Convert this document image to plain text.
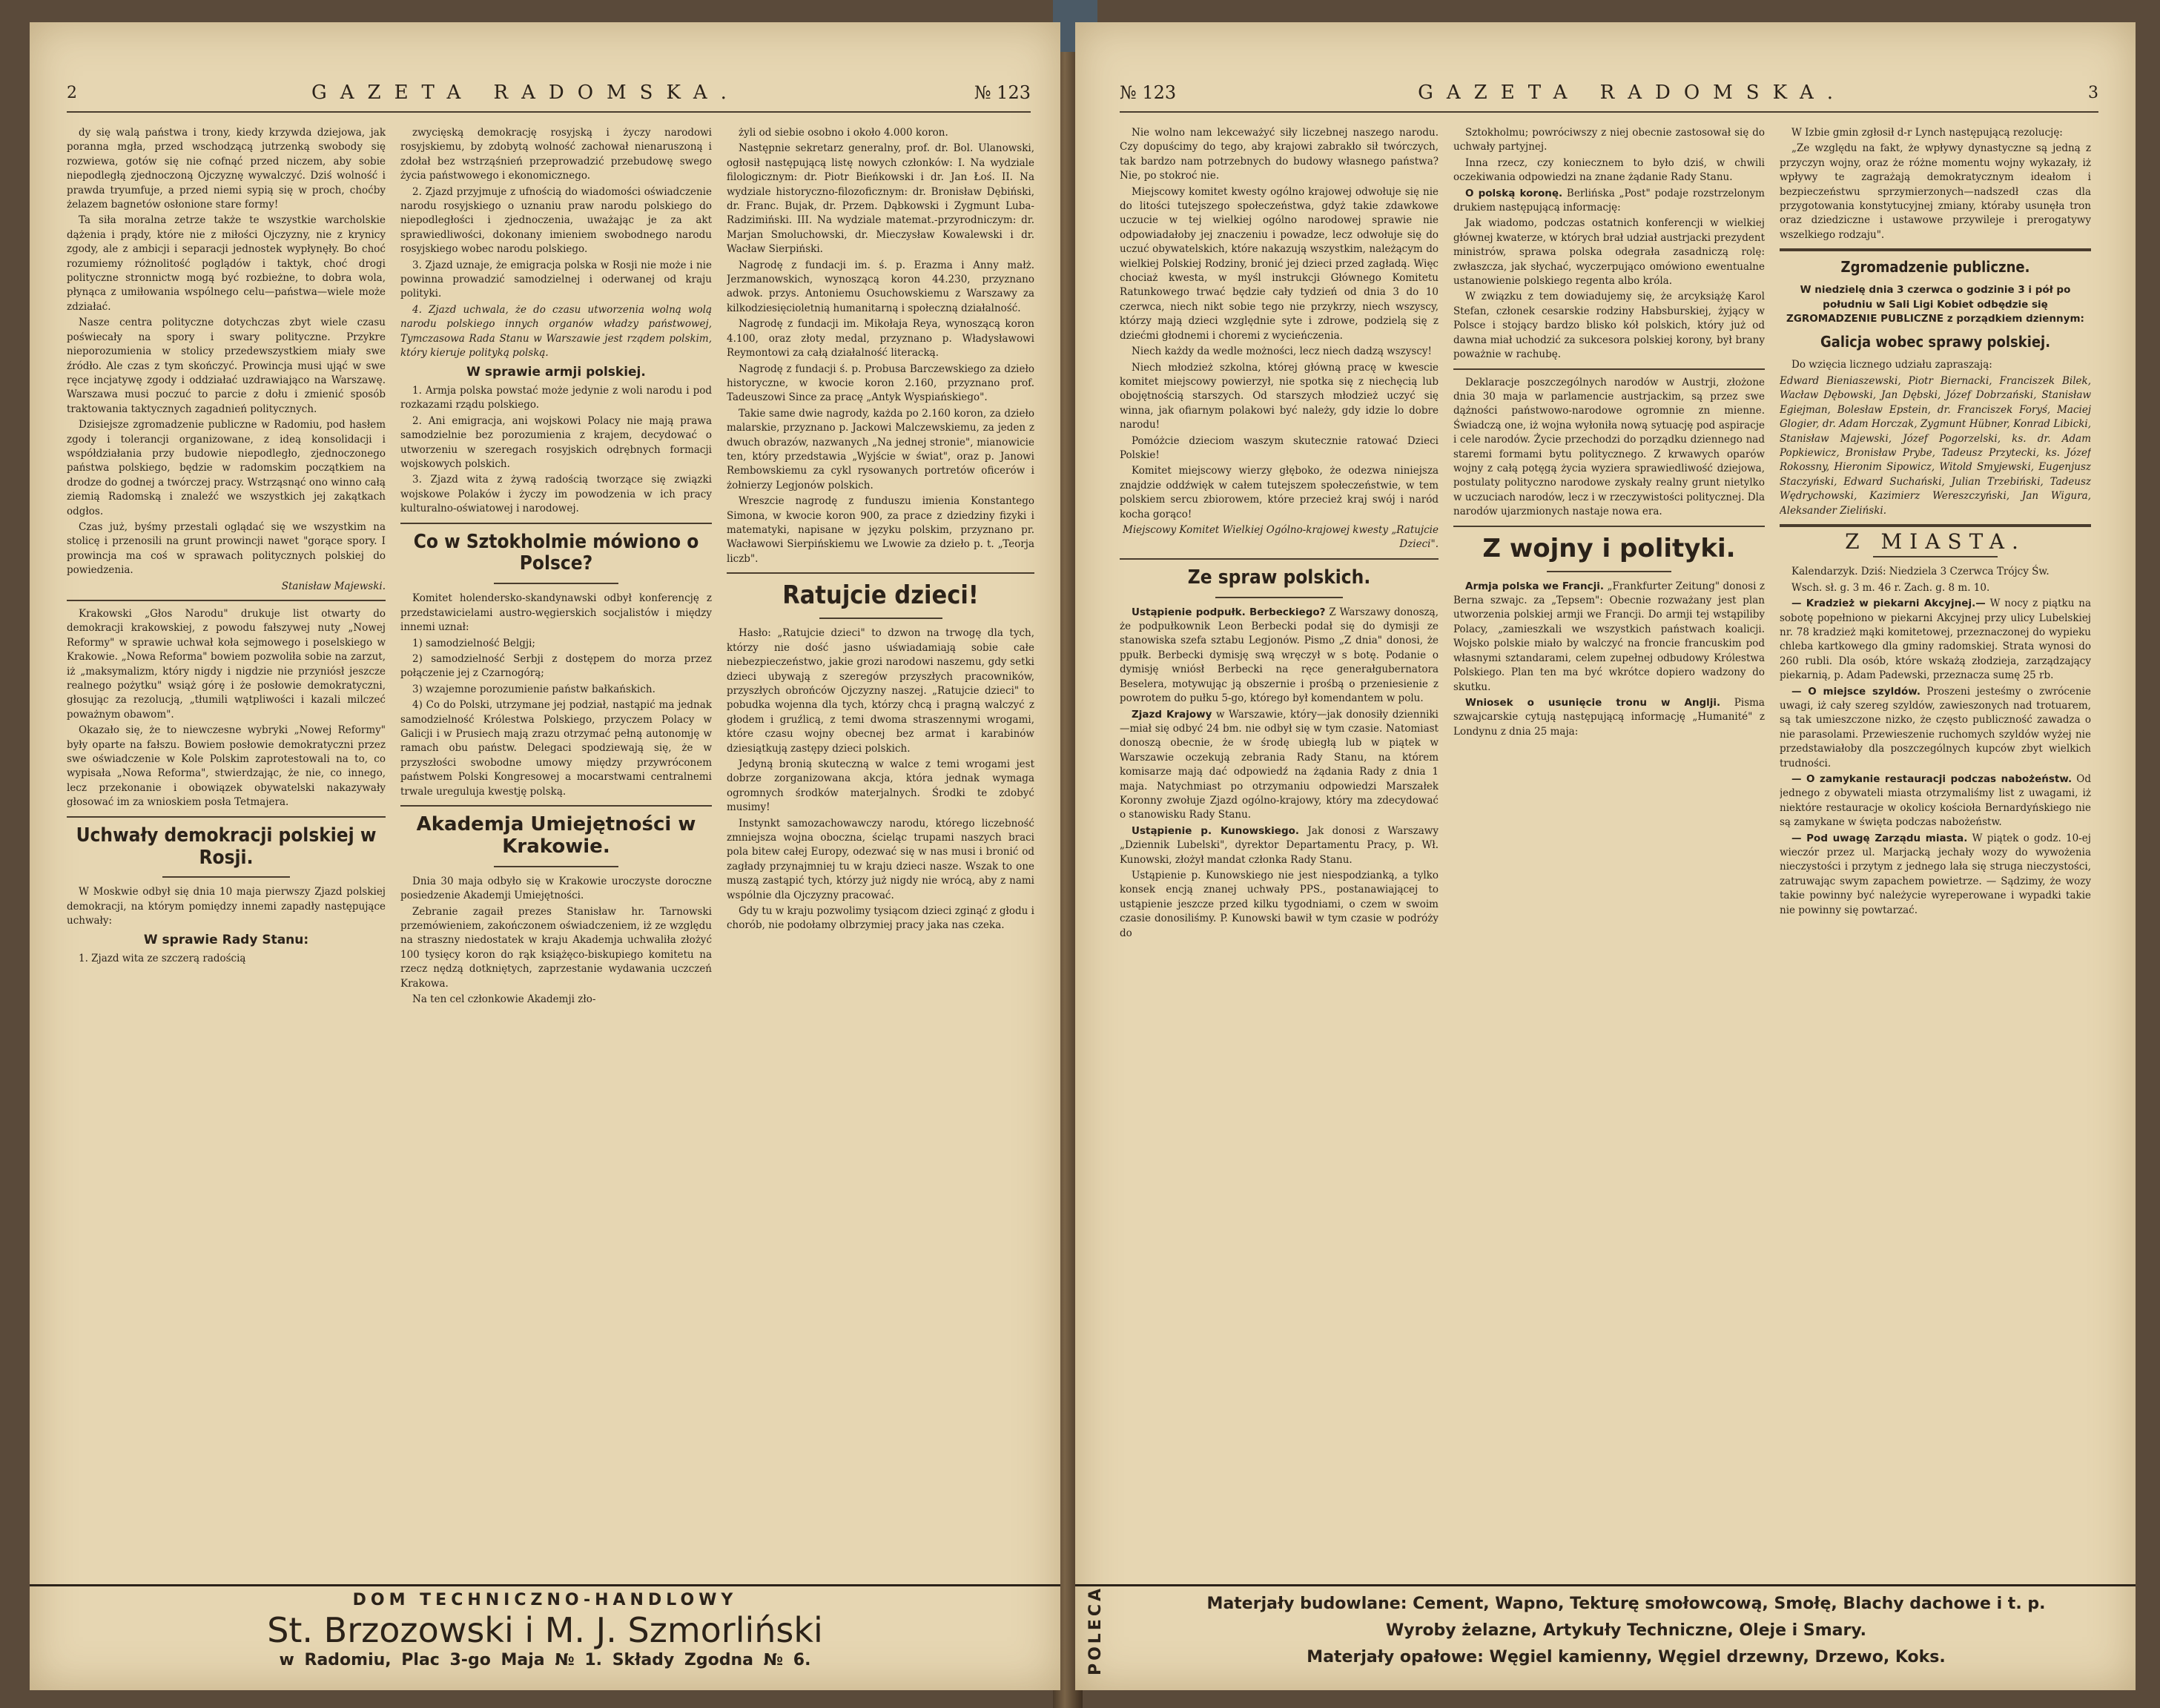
2	GAZETA RADOMSKA.	№ 123

dy się walą państwa i trony, kiedy krzywda dziejowa, jak poranna mgła, przed wschodzącą jutrzenką swobody się rozwiewa, gotów się nie cofnąć przed niczem, aby sobie niepodległą zjednoczoną Ojczyznę wywalczyć. Dziś wolność i prawda tryumfuje, a przed niemi sypią się w proch, choćby żelazem bagnetów osłonione stare formy!

Ta siła moralna zetrze także te wszystkie warcholskie dążenia i prądy, które nie z miłości Ojczyzny, nie z krynicy zgody, ale z ambicji i separacji jednostek wypłynęły. Bo choć rozumiemy różnolitość poglądów i taktyk, choć drogi polityczne stronnictw mogą być rozbieżne, to dobra wola, płynąca z umiłowania wspólnego celu—państwa—wiele może zdziałać.

Nasze centra polityczne dotychczas zbyt wiele czasu poświecały na spory i swary polityczne. Przykre nieporozumienia w stolicy przedewszystkiem miały swe źródło. Ale czas z tym skończyć. Prowincja musi ująć w swe ręce incjatywę zgody i oddziałać uzdrawiająco na Warszawę. Warszawa musi poczuć to parcie z dołu i zmienić sposób traktowania taktycznych zagadnień politycznych.

Dzisiejsze zgromadzenie publiczne w Radomiu, pod hasłem zgody i tolerancji organizowane, z ideą konsolidacji i współdziałania przy budowie niepodległo, zjednoczonego państwa polskiego, będzie w radomskim początkiem na drodze do godnej a twórczej pracy. Wstrząsnąć ono winno całą ziemią Radomską i znaleźć we wszystkich jej zakątkach odgłos.

Czas już, byśmy przestali oglądać się we wszystkim na stolicę i przenosili na grunt prowincji nawet "gorące spory. I prowincja ma coś w sprawach politycznych polskiej do powiedzenia.

Stanisław Majewski.

Krakowski „Głos Narodu" drukuje list otwarty do demokracji krakowskiej, z powodu fałszywej nuty „Nowej Reformy" w sprawie uchwał koła sejmowego i poselskiego w Krakowie. „Nowa Reforma" bowiem pozwoliła sobie na zarzut, iż „maksymalizm, który nigdy i nigdzie nie przyniósł jeszcze realnego pożytku" wsiąż górę i że posłowie demokratyczni, głosując za rezolucją, „tłumili wątpliwości i kazali milczeć poważnym obawom".

Okazało się, że to niewczesne wybryki „Nowej Reformy" były oparte na fałszu. Bowiem posłowie demokratyczni przez swe oświadczenie w Kole Polskim zaprotestowali na to, co wypisała „Nowa Reforma", stwierdzając, że nie, co innego, lecz przekonanie i obowiązek obywatelski nakazywały głosować im za wnioskiem posła Tetmajera.

Uchwały demokracji polskiej w Rosji.

W Moskwie odbył się dnia 10 maja pierwszy Zjazd polskiej demokracji, na którym pomiędzy innemi zapadły następujące uchwały:

W sprawie Rady Stanu:

1. Zjazd wita ze szczerą radością

zwycięską demokrację rosyjską i życzy narodowi rosyjskiemu, by zdobytą wolność zachował nienaruszoną i zdołał bez wstrząśnień przeprowadzić przebudowę swego życia państwowego i ekonomicznego.

2. Zjazd przyjmuje z ufnością do wiadomości oświadczenie narodu rosyjskiego o uznaniu praw narodu polskiego do niepodległości i zjednoczenia, uważając je za akt sprawiedliwości, dokonany imieniem swobodnego narodu rosyjskiego wobec narodu polskiego.

3. Zjazd uznaje, że emigracja polska w Rosji nie może i nie powinna prowadzić samodzielnej i oderwanej od kraju polityki.

4. Zjazd uchwala, że do czasu utworzenia wolną wolą narodu polskiego innych organów władzy państwowej, Tymczasowa Rada Stanu w Warszawie jest rządem polskim, który kieruje polityką polską.

W sprawie armji polskiej.

1. Armja polska powstać może jedynie z woli narodu i pod rozkazami rządu polskiego.

2. Ani emigracja, ani wojskowi Polacy nie mają prawa samodzielnie bez porozumienia z krajem, decydować o utworzeniu w szeregach rosyjskich odrębnych formacji wojskowych polskich.

3. Zjazd wita z żywą radością tworzące się związki wojskowe Polaków i życzy im powodzenia w ich pracy kulturalno-oświatowej i narodowej.

Co w Sztokholmie mówiono o Polsce?

Komitet holendersko-skandynawski odbył konferencję z przedstawicielami austro-węgierskich socjalistów i między innemi uznał:

1) samodzielność Belgji;

2) samodzielność Serbji z dostępem do morza przez połączenie jej z Czarnogórą;

3) wzajemne porozumienie państw bałkańskich.

4) Co do Polski, utrzymane jej podział, nastąpić ma jednak samodzielność Królestwa Polskiego, przyczem Polacy w Galicji i w Prusiech mają zrazu otrzymać pełną autonomję w ramach obu państw. Delegaci spodziewają się, że w przyszłości swobodne umowy między przywróconem państwem Polski Kongresowej a mocarstwami centralnemi trwale ureguluja kwestję polską.

Akademja Umiejętności w Krakowie.

Dnia 30 maja odbyło się w Krakowie uroczyste doroczne posiedzenie Akademji Umiejętności.

Zebranie zagaił prezes Stanisław hr. Tarnowski przemówieniem, zakończonem oświadczeniem, iż ze względu na straszny niedostatek w kraju Akademja uchwaliła złożyć 100 tysięcy koron do rąk książęco-biskupiego komitetu na rzecz nędzą dotkniętych, zaprzestanie wydawania uczczeń Krakowa.

Na ten cel członkowie Akademji zło-

żyli od siebie osobno i około 4.000 koron.

Następnie sekretarz generalny, prof. dr. Bol. Ulanowski, ogłosił następującą listę nowych członków: I. Na wydziale filologicznym: dr. Piotr Bieńkowski i dr. Jan Łoś. II. Na wydziale historyczno-filozoficznym: dr. Bronisław Dębiński, dr. Franc. Bujak, dr. Przem. Dąbkowski i Zygmunt Luba-Radzimiński. III. Na wydziale matemat.-przyrodniczym: dr. Marjan Smoluchowski, dr. Mieczysław Kowalewski i dr. Wacław Sierpiński.

Nagrodę z fundacji im. ś. p. Erazma i Anny małż. Jerzmanowskich, wynoszącą koron 44.230, przyznano adwok. przys. Antoniemu Osuchowskiemu z Warszawy za kilkodziesięcioletnią humanitarną i społeczną działalność.

Nagrodę z fundacji im. Mikołaja Reya, wynoszącą koron 4.100, oraz złoty medal, przyznano p. Władysławowi Reymontowi za całą działalność literacką.

Nagrodę z fundacji ś. p. Probusa Barczewskiego za dzieło historyczne, w kwocie koron 2.160, przyznano prof. Tadeuszowi Since za pracę „Antyk Wyspiańskiego".

Takie same dwie nagrody, każda po 2.160 koron, za dzieło malarskie, przyznano p. Jackowi Malczewskiemu, za jeden z dwuch obrazów, nazwanych „Na jednej stronie", mianowicie ten, który przedstawia „Wyjście w świat", oraz p. Janowi Rembowskiemu za cykl rysowanych portretów oficerów i żołnierzy Legjonów polskich.

Wreszcie nagrodę z funduszu imienia Konstantego Simona, w kwocie koron 900, za prace z dziedziny fizyki i matematyki, napisane w języku polskim, przyznano pr. Wacławowi Sierpińskiemu we Lwowie za dzieło p. t. „Teorja liczb".

Ratujcie dzieci!

Hasło: „Ratujcie dzieci" to dzwon na trwogę dla tych, którzy nie dość jasno uświadamiają sobie całe niebezpieczeństwo, jakie grozi narodowi naszemu, gdy setki dzieci ubywają z szeregów przyszłych pracowników, przyszłych obrońców Ojczyzny naszej. „Ratujcie dzieci" to pobudka wojenna dla tych, którzy chcą i pragną walczyć z głodem i gruźlicą, z temi dwoma straszennymi wrogami, które czasu wojny obecnej bez armat i karabinów dziesiątkują zastępy dzieci polskich.

Jedyną bronią skuteczną w walce z temi wrogami jest dobrze zorganizowana akcja, która jednak wymaga ogromnych środków materjalnych. Środki te zdobyć musimy!

Instynkt samozachowawczy narodu, którego liczebność zmniejsza wojna oboczna, ścieląc trupami naszych braci pola bitew całej Europy, odezwać się w nas musi i bronić od zagłady przynajmniej tu w kraju dzieci nasze. Wszak to one muszą zastąpić tych, którzy już nigdy nie wrócą, aby z nami wspólnie dla Ojczyzny pracować.

Gdy tu w kraju pozwolimy tysiącom dzieci zginąć z głodu i chorób, nie podołamy olbrzymiej pracy jaka nas czeka.

DOM TECHNICZNO-HANDLOWY
St. Brzozowski i M. J. Szmorliński
w Radomiu, Plac 3-go Maja № 1. Składy Zgodna № 6.
№ 123	GAZETA RADOMSKA.	3

Nie wolno nam lekceważyć siły liczebnej naszego narodu. Czy dopuścimy do tego, aby krajowi zabrakło sił twórczych, tak bardzo nam potrzebnych do budowy własnego państwa? Nie, po stokroć nie.

Miejscowy komitet kwesty ogólno krajowej odwołuje się nie do litości tutejszego społeczeństwa, gdyż takie zdawkowe uczucie w tej wielkiej ogólno narodowej sprawie nie odpowiadałoby jej znaczeniu i powadze, lecz odwołuje się do uczuć obywatelskich, które nakazują wszystkim, należącym do wielkiej Polskiej Rodziny, bronić jej dzieci przed zagładą. Więc chociaż kwesta, w myśl instrukcji Głównego Komitetu Ratunkowego trwać będzie cały tydzień od dnia 3 do 10 czerwca, niech nikt sobie tego nie przykrzy, niech wszyscy, którzy mają dzieci względnie syte i zdrowe, podzielą się z dziećmi głodnemi i choremi z wycieńczenia.

Niech każdy da wedle możności, lecz niech dadzą wszyscy!

Niech młodzież szkolna, której główną pracę w kwescie komitet miejscowy powierzył, nie spotka się z niechęcią lub obojętnością starszych. Od starszych młodzież uczyć się winna, jak ofiarnym polakowi być należy, gdy idzie lo dobre narodu!

Pomóżcie dzieciom waszym skutecznie ratować Dzieci Polskie!

Komitet miejscowy wierzy głęboko, że odezwa niniejsza znajdzie oddźwięk w całem tutejszem społeczeństwie, w tem polskiem sercu zbiorowem, które przecież kraj swój i naród kocha gorąco!

Miejscowy Komitet Wielkiej Ogólno-krajowej kwesty „Ratujcie Dzieci".

Ze spraw polskich.

Ustąpienie podpułk. Berbeckiego? Z Warszawy donoszą, że podpułkownik Leon Berbecki podał się do dymisji ze stanowiska szefa sztabu Legjonów. Pismo „Z dnia" donosi, że ppułk. Berbecki dymisję swą wręczył w s botę. Podanie o dymisję wniósł Berbecki na ręce generałgubernatora Beselera, motywując ją obszernie i prośbą o przeniesienie z powrotem do pułku 5-go, którego był komendantem w polu.

Zjazd Krajowy w Warszawie, który—jak donosiły dzienniki—miał się odbyć 24 bm. nie odbył się w tym czasie. Natomiast donoszą obecnie, że w środę ubiegłą lub w piątek w Warszawie oczekują zebrania Rady Stanu, na którem komisarze mają dać odpowiedź na żądania Rady z dnia 1 maja. Natychmiast po otrzymaniu odpowiedzi Marszałek Koronny zwołuje Zjazd ogólno-krajowy, który ma zdecydować o stanowisku Rady Stanu.

Ustąpienie p. Kunowskiego. Jak donosi z Warszawy „Dziennik Lubelski", dyrektor Departamentu Pracy, p. Wł. Kunowski, złożył mandat członka Rady Stanu.

Ustąpienie p. Kunowskiego nie jest niespodzianką, a tylko konsek encją znanej uchwały PPS., postanawiającej to ustąpienie jeszcze przed kilku tygodniami, o czem w swoim czasie donosiliśmy. P. Kunowski bawił w tym czasie w podróży do

Sztokholmu; powróciwszy z niej obecnie zastosował się do uchwały partyjnej.

Inna rzecz, czy koniecznem to było dziś, w chwili oczekiwania odpowiedzi na znane żądanie Rady Stanu.

O polską koronę. Berlińska „Post" podaje rozstrzelonym drukiem następującą informację:

Jak wiadomo, podczas ostatnich konferencji w wielkiej głównej kwaterze, w których brał udział austrjacki prezydent ministrów, sprawa polska odegrała zasadniczą rolę: zwłaszcza, jak słychać, wyczerpująco omówiono ewentualne ustanowienie polskiego regenta albo króla.

W związku z tem dowiadujemy się, że arcyksiążę Karol Stefan, członek cesarskie rodziny Habsburskiej, żyjący w Polsce i stojący bardzo blisko kół polskich, który już od dawna miał uchodzić za sukcesora polskiej korony, był brany poważnie w rachubę.

Deklaracje poszczególnych narodów w Austrji, złożone dnia 30 maja w parlamencie austrjackim, są przez swe dążności państwowo-narodowe ogromnie zn mienne. Świadczą one, iż wojna wyłoniła nową sytuację pod aspiracje i cele narodów. Życie przechodzi do porządku dziennego nad staremi formami bytu politycznego. Z krwawych oparów wojny z całą potęgą życia wyziera sprawiedliwość dziejowa, postulaty polityczno narodowe zyskały realny grunt nietylko w uczuciach narodów, lecz i w rzeczywistości politycznej. Dla narodów ujarzmionych nastaje nowa era.

Z wojny i polityki.

Armja polska we Francji. „Frankfurter Zeitung" donosi z Berna szwajc. za „Tepsem": Obecnie rozważany jest plan utworzenia polskiej armji we Francji. Do armji tej wstąpiliby Polacy, „zamieszkali we wszystkich państwach koalicji. Wojsko polskie miało by walczyć na froncie francuskim pod własnymi sztandarami, celem zupełnej odbudowy Królestwa Polskiego. Plan ten ma być wkrótce dopiero wadzony do skutku.

Wniosek o usunięcie tronu w Anglji. Pisma szwajcarskie cytują następującą informację „Humanité" z Londynu z dnia 25 maja:

W Izbie gmin zgłosił d-r Lynch następującą rezolucję:

„Ze względu na fakt, że wpływy dynastyczne są jedną z przyczyn wojny, oraz że różne momentu wojny wykazały, iż wpływy te zagrażają demokratycznym ideałom i bezpieczeństwu sprzymierzonych—nadszedł czas dla przygotowania konstytucyjnej zmiany, któraby usunęła tron oraz dziedziczne i ustawowe przywileje i prerogatywy wszelkiego rodzaju".

Zgromadzenie publiczne.

W niedzielę dnia 3 czerwca o godzinie 3 i pół po południu w Sali Ligi Kobiet odbędzie się ZGROMADZENIE PUBLICZNE z porządkiem dziennym:

Galicja wobec sprawy polskiej.

Do wzięcia licznego udziału zapraszają:

Edward Bieniaszewski, Piotr Biernacki, Franciszek Bilek, Wacław Dębowski, Jan Dębski, Józef Dobrzański, Stanisław Egiejman, Bolesław Epstein, dr. Franciszek Foryś, Maciej Glogier, dr. Adam Horczak, Zygmunt Hübner, Konrad Libicki, Stanisław Majewski, Józef Pogorzelski, ks. dr. Adam Popkiewicz, Bronisław Prybe, Tadeusz Przytecki, ks. Józef Rokossny, Hieronim Sipowicz, Witold Smyjewski, Eugenjusz Staczyński, Edward Suchański, Julian Trzebiński, Tadeusz Wędrychowski, Kazimierz Wereszczyński, Jan Wigura, Aleksander Zieliński.

Z MIASTA.

Kalendarzyk. Dziś: Niedziela 3 Czerwca Trójcy Św.

Wsch. sł. g. 3 m. 46 r. Zach. g. 8 m. 10.

— Kradzież w piekarni Akcyjnej.— W nocy z piątku na sobotę popełniono w piekarni Akcyjnej przy ulicy Lubelskiej nr. 78 kradzież mąki komitetowej, przeznaczonej do wypieku chleba kartkowego dla gminy radomskiej. Strata wynosi do 260 rubli. Dla osób, które wskażą złodzieja, zarządzający piekarnią, p. Adam Padewski, przeznacza sumę 25 rb.

— O miejsce szyldów. Proszeni jesteśmy o zwrócenie uwagi, iż cały szereg szyldów, zawieszonych nad trotuarem, są tak umieszczone nizko, że często publiczność zawadza o nie parasolami. Przewieszenie ruchomych szyldów wyżej nie przedstawiałoby dla poszczególnych kupców zbyt wielkich trudności.

— O zamykanie restauracji podczas nabożeństw. Od jednego z obywateli miasta otrzymaliśmy list z uwagami, iż niektóre restauracje w okolicy kościoła Bernardyńskiego nie są zamykane w święta podczas nabożeństw.

— Pod uwagę Zarządu miasta. W piątek o godz. 10-ej wieczór przez ul. Marjacką jechały wozy do wywożenia nieczystości i przytym z jednego lała się struga nieczystości, zatruwając swym zapachem powietrze. — Sądzimy, że wozy takie powinny być należycie wyreperowane i wypadki takie nie powinny się powtarzać.

POLECA	Materjały budowlane: Cement, Wapno, Tekturę smołowcową, Smołę, Blachy dachowe i t. p.
Wyroby żelazne, Artykuły Techniczne, Oleje i Smary.
Materjały opałowe: Węgiel kamienny, Węgiel drzewny, Drzewo, Koks.
